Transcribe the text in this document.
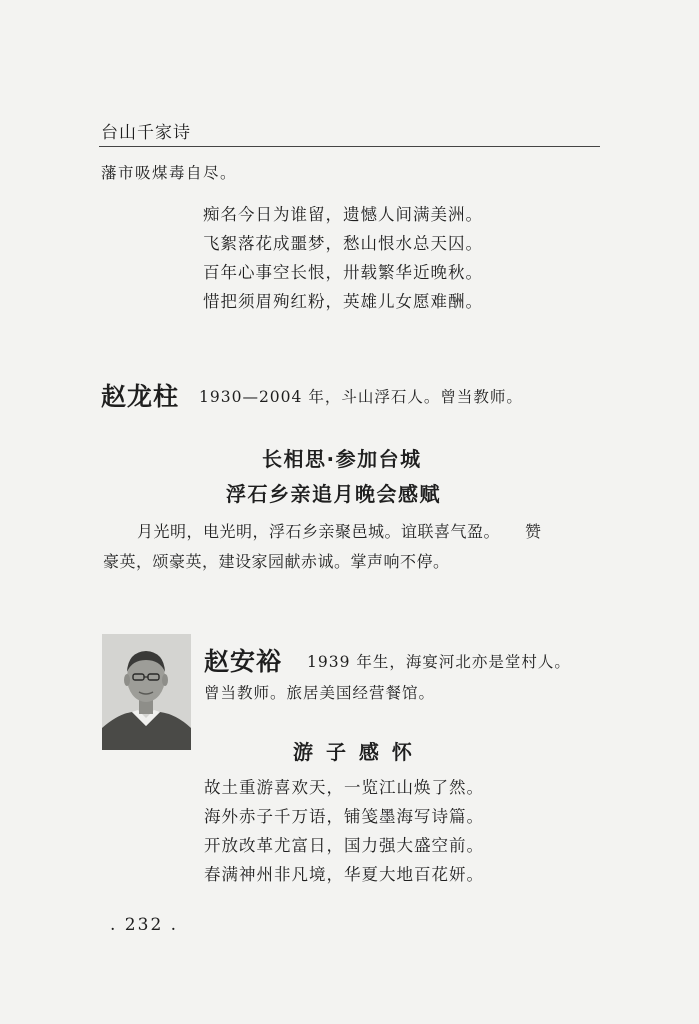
台山千家诗
藩市吸煤毒自尽。
痴名今日为谁留，遗憾人间满美洲。
飞絮落花成噩梦，愁山恨水总天囚。
百年心事空长恨，卅载繁华近晚秋。
惜把须眉殉红粉，英雄儿女愿难酬。
赵龙柱 1930—2004 年，斗山浮石人。曾当教师。
长相思·参加台城
浮石乡亲追月晚会感赋
月光明，电光明，浮石乡亲聚邑城。谊联喜气盈。　　赞
豪英，颂豪英，建设家园献赤诚。掌声响不停。
赵安裕 1939 年生，海宴河北亦是堂村人。
曾当教师。旅居美国经营餐馆。
游 子 感 怀
故土重游喜欢天，一览江山焕了然。
海外赤子千万语，铺笺墨海写诗篇。
开放改革尤富日，国力强大盛空前。
春满神州非凡境，华夏大地百花妍。
. 232 .
